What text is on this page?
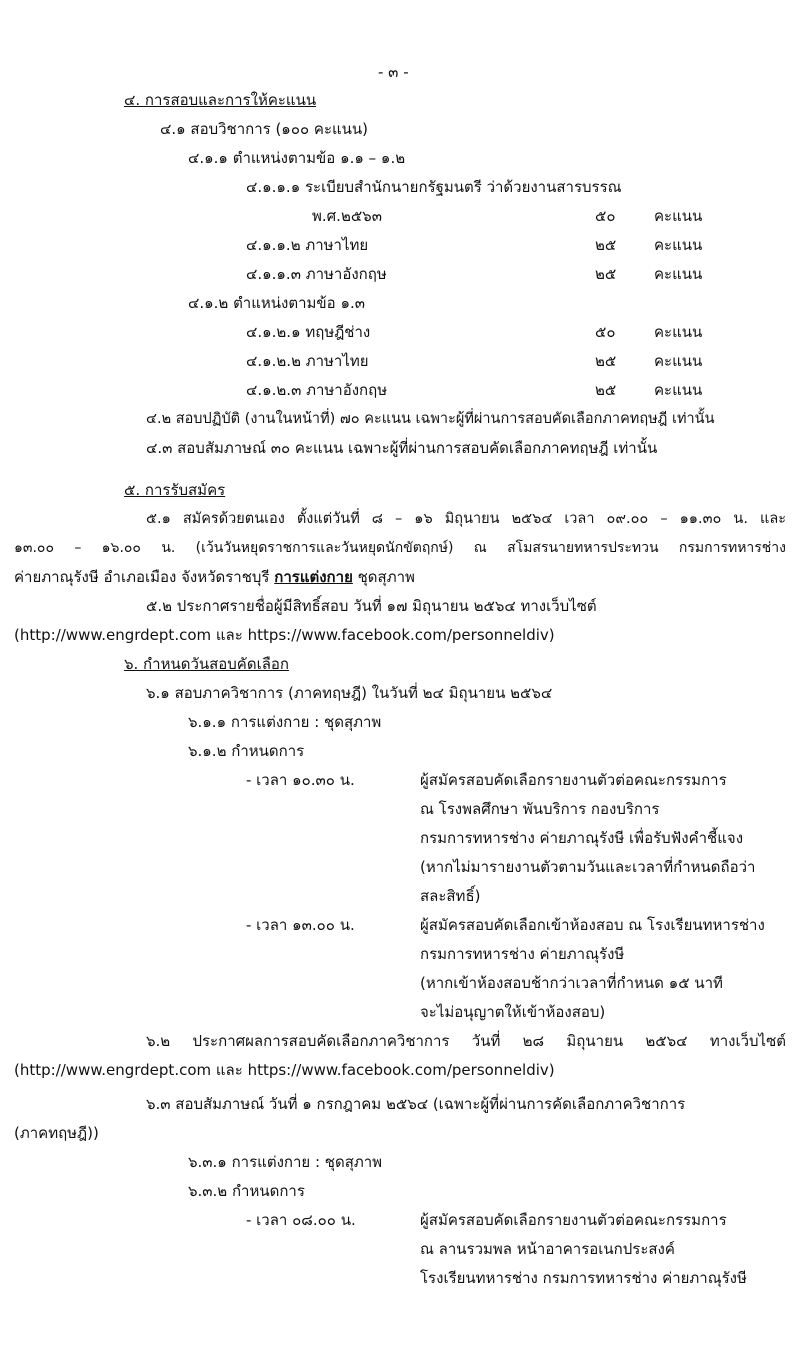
- ๓ -
๔. การสอบและการให้คะแนน
๔.๑ สอบวิชาการ (๑๐๐ คะแนน)
๔.๑.๑ ตำแหน่งตามข้อ ๑.๑ – ๑.๒
๔.๑.๑.๑ ระเบียบสำนักนายกรัฐมนตรี ว่าด้วยงานสารบรรณ
พ.ศ.๒๕๖๓	๕๐	คะแนน
๔.๑.๑.๒ ภาษาไทย	๒๕	คะแนน
๔.๑.๑.๓ ภาษาอังกฤษ	๒๕	คะแนน
๔.๑.๒ ตำแหน่งตามข้อ ๑.๓
๔.๑.๒.๑ ทฤษฎีช่าง	๕๐	คะแนน
๔.๑.๒.๒ ภาษาไทย	๒๕	คะแนน
๔.๑.๒.๓ ภาษาอังกฤษ	๒๕	คะแนน
๔.๒ สอบปฏิบัติ (งานในหน้าที่) ๗๐ คะแนน เฉพาะผู้ที่ผ่านการสอบคัดเลือกภาคทฤษฎี เท่านั้น
๔.๓ สอบสัมภาษณ์ ๓๐ คะแนน เฉพาะผู้ที่ผ่านการสอบคัดเลือกภาคทฤษฎี เท่านั้น
๕. การรับสมัคร
๕.๑ สมัครด้วยตนเอง ตั้งแต่วันที่ ๘ – ๑๖ มิถุนายน ๒๕๖๔ เวลา ๐๙.๐๐ – ๑๑.๓๐ น. และ
๑๓.๐๐ – ๑๖.๐๐ น. (เว้นวันหยุดราชการและวันหยุดนักขัตฤกษ์) ณ สโมสรนายทหารประทวน กรมการทหารช่าง
ค่ายภาณุรังษี อำเภอเมือง จังหวัดราชบุรี การแต่งกาย ชุดสุภาพ
๕.๒ ประกาศรายชื่อผู้มีสิทธิ์สอบ วันที่ ๑๗ มิถุนายน ๒๕๖๔ ทางเว็บไซต์
(http://www.engrdept.com และ https://www.facebook.com/personneldiv)
๖. กำหนดวันสอบคัดเลือก
๖.๑ สอบภาควิชาการ (ภาคทฤษฎี) ในวันที่ ๒๔ มิถุนายน ๒๕๖๔
๖.๑.๑ การแต่งกาย : ชุดสุภาพ
๖.๑.๒ กำหนดการ
- เวลา ๑๐.๓๐ น.	ผู้สมัครสอบคัดเลือกรายงานตัวต่อคณะกรรมการ
ณ โรงพลศึกษา พันบริการ กองบริการ
กรมการทหารช่าง ค่ายภาณุรังษี เพื่อรับฟังคำชี้แจง
(หากไม่มารายงานตัวตามวันและเวลาที่กำหนดถือว่า
สละสิทธิ์)
- เวลา ๑๓.๐๐ น.	ผู้สมัครสอบคัดเลือกเข้าห้องสอบ ณ โรงเรียนทหารช่าง
กรมการทหารช่าง ค่ายภาณุรังษี
(หากเข้าห้องสอบช้ากว่าเวลาที่กำหนด ๑๕ นาที
จะไม่อนุญาตให้เข้าห้องสอบ)
๖.๒ ประกาศผลการสอบคัดเลือกภาควิชาการ วันที่ ๒๘ มิถุนายน ๒๕๖๔ ทางเว็บไซต์
(http://www.engrdept.com และ https://www.facebook.com/personneldiv)
๖.๓ สอบสัมภาษณ์ วันที่ ๑ กรกฎาคม ๒๕๖๔ (เฉพาะผู้ที่ผ่านการคัดเลือกภาควิชาการ
(ภาคทฤษฎี))
๖.๓.๑ การแต่งกาย : ชุดสุภาพ
๖.๓.๒ กำหนดการ
- เวลา ๐๘.๐๐ น.	ผู้สมัครสอบคัดเลือกรายงานตัวต่อคณะกรรมการ
ณ ลานรวมพล หน้าอาคารอเนกประสงค์
โรงเรียนทหารช่าง กรมการทหารช่าง ค่ายภาณุรังษี
